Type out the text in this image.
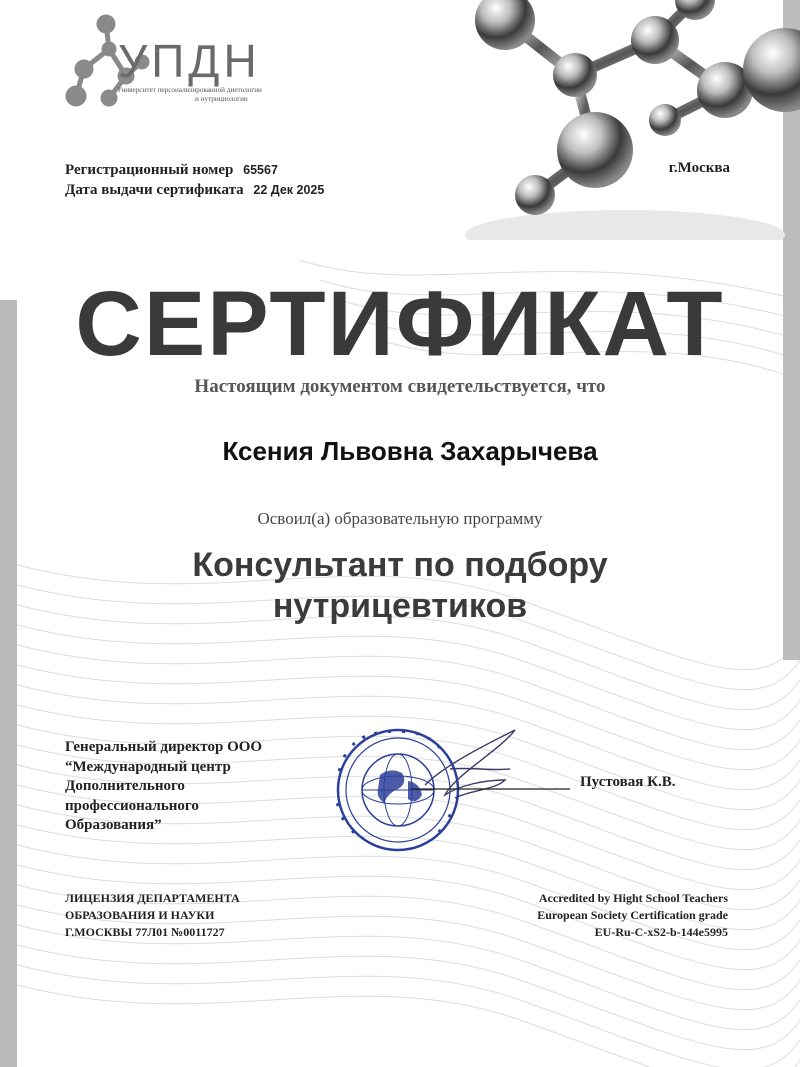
УПДН
Университет персонализированной диетологии
и нутрициологии
Регистрационный номер 65567
Дата выдачи сертификата 22 Дек 2025
г.Москва
СЕРТИФИКАТ
Настоящим документом свидетельствуется, что
Ксения Львовна Захарычева
Освоил(а) образовательную программу
Консультант по подбору
нутрицевтиков
Генеральный директор ООО
“Международный центр
Дополнительного
профессионального
Образования”
Пустовая К.В.
ЛИЦЕНЗИЯ ДЕПАРТАМЕНТА
ОБРАЗОВАНИЯ И НАУКИ
Г.МОСКВЫ 77Л01 №0011727
Accredited by Hight School Teachers
European Society Certification grade
EU-Ru-C-xS2-b-144e5995
